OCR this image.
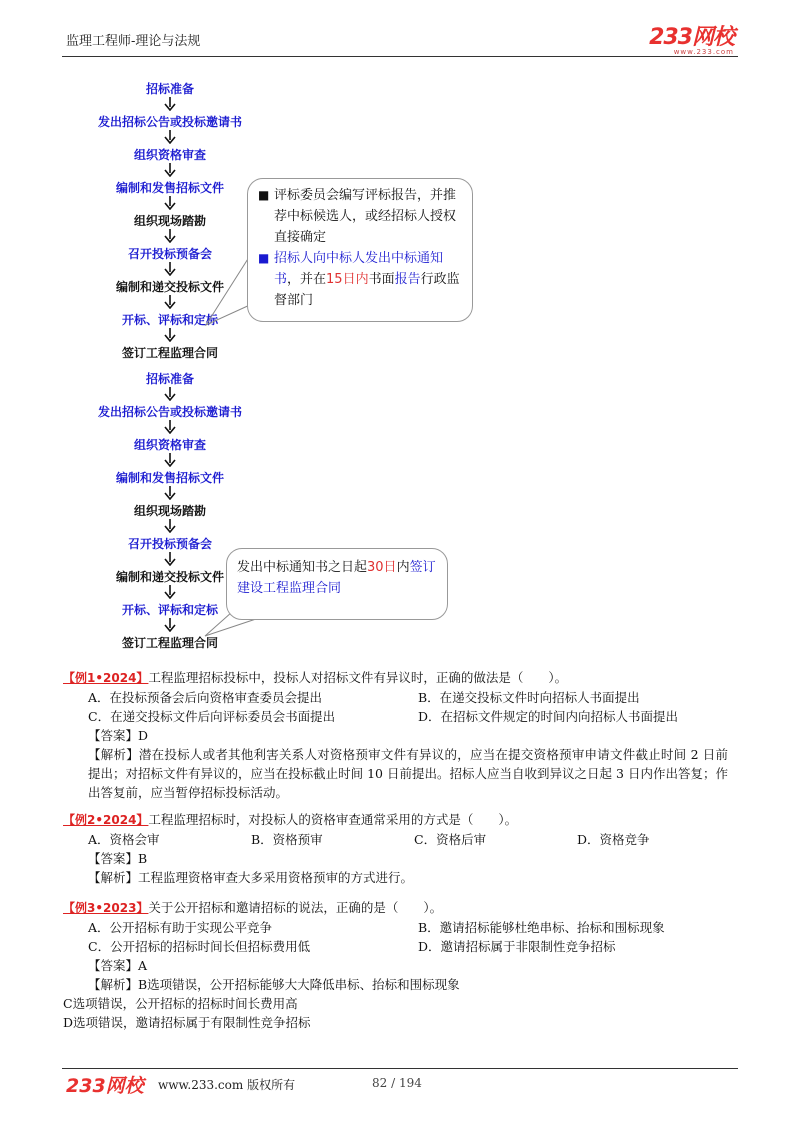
监理工程师-理论与法规	233网校
www.233.com
招标准备
发出招标公告或投标邀请书
组织资格审查
编制和发售招标文件
组织现场踏勘
召开投标预备会
编制和递交投标文件
开标、评标和定标
签订工程监理合同
■ 评标委员会编写评标报告，并推荐中标候选人，或经招标人授权直接确定
■ 招标人向中标人发出中标通知书，并在15日内书面报告行政监督部门
招标准备
发出招标公告或投标邀请书
组织资格审查
编制和发售招标文件
组织现场踏勘
召开投标预备会
编制和递交投标文件
开标、评标和定标
签订工程监理合同
发出中标通知书之日起30日内签订建设工程监理合同
【例1•2024】工程监理招标投标中，投标人对招标文件有异议时，正确的做法是（　　）。
A．在投标预备会后向资格审查委员会提出	B．在递交投标文件时向招标人书面提出
C．在递交投标文件后向评标委员会书面提出	D．在招标文件规定的时间内向招标人书面提出
【答案】D
【解析】潜在投标人或者其他利害关系人对资格预审文件有异议的，应当在提交资格预审申请文件截止时间 2 日前提出；对招标文件有异议的，应当在投标截止时间 10 日前提出。招标人应当自收到异议之日起 3 日内作出答复；作出答复前，应当暂停招标投标活动。
【例2•2024】工程监理招标时，对投标人的资格审查通常采用的方式是（　　）。
A．资格会审	B．资格预审	C．资格后审	D．资格竞争
【答案】B
【解析】工程监理资格审查大多采用资格预审的方式进行。
【例3•2023】关于公开招标和邀请招标的说法，正确的是（　　）。
A．公开招标有助于实现公平竞争	B．邀请招标能够杜绝串标、抬标和围标现象
C．公开招标的招标时间长但招标费用低	D．邀请招标属于非限制性竞争招标
【答案】A
【解析】B选项错误，公开招标能够大大降低串标、抬标和围标现象
C选项错误，公开招标的招标时间长费用高
D选项错误，邀请招标属于有限制性竞争招标
233网校 www.233.com 版权所有	82 / 194
